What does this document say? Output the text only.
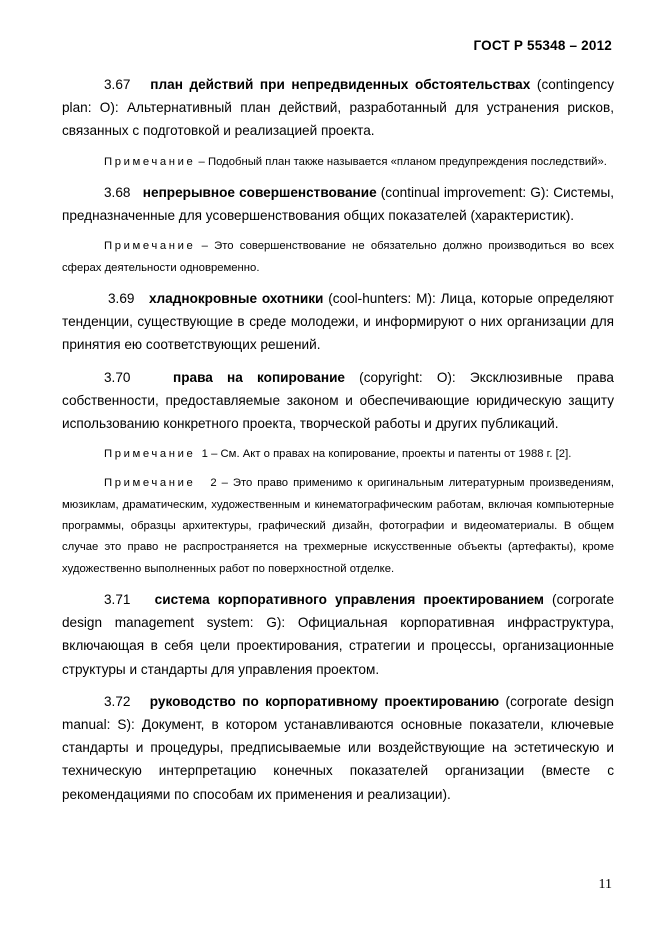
ГОСТ Р 55348 – 2012

3.67 план действий при непредвиденных обстоятельствах (contingency plan: O): Альтернативный план действий, разработанный для устранения рисков, связанных с подготовкой и реализацией проекта.

Примечание – Подобный план также называется «планом предупреждения последствий».

3.68 непрерывное совершенствование (continual improvement: G): Системы, предназначенные для усовершенствования общих показателей (характеристик).

Примечание – Это совершенствование не обязательно должно производиться во всех сферах деятельности одновременно.

3.69 хладнокровные охотники (cool-hunters: M): Лица, которые определяют тенденции, существующие в среде молодежи, и информируют о них организации для принятия ею соответствующих решений.

3.70	права на копирование (copyright: O): Эксклюзивные права собственности, предоставляемые законом и обеспечивающие юридическую защиту использованию конкретного проекта, творческой работы и других публикаций.

Примечание 1 – См. Акт о правах на копирование, проекты и патенты от 1988 г. [2].

Примечание 2 – Это право применимо к оригинальным литературным произведениям, мюзиклам, драматическим, художественным и кинематографическим работам, включая компьютерные программы, образцы архитектуры, графический дизайн, фотографии и видеоматериалы. В общем случае это право не распространяется на трехмерные искусственные объекты (артефакты), кроме художественно выполненных работ по поверхностной отделке.

3.71 система корпоративного управления проектированием (corporate design management system: G): Официальная корпоративная инфраструктура, включающая в себя цели проектирования, стратегии и процессы, организационные структуры и стандарты для управления проектом.

3.72 руководство по корпоративному проектированию (corporate design manual: S): Документ, в котором устанавливаются основные показатели, ключевые стандарты и процедуры, предписываемые или воздействующие на эстетическую и техническую интерпретацию конечных показателей организации (вместе с рекомендациями по способам их применения и реализации).

11
